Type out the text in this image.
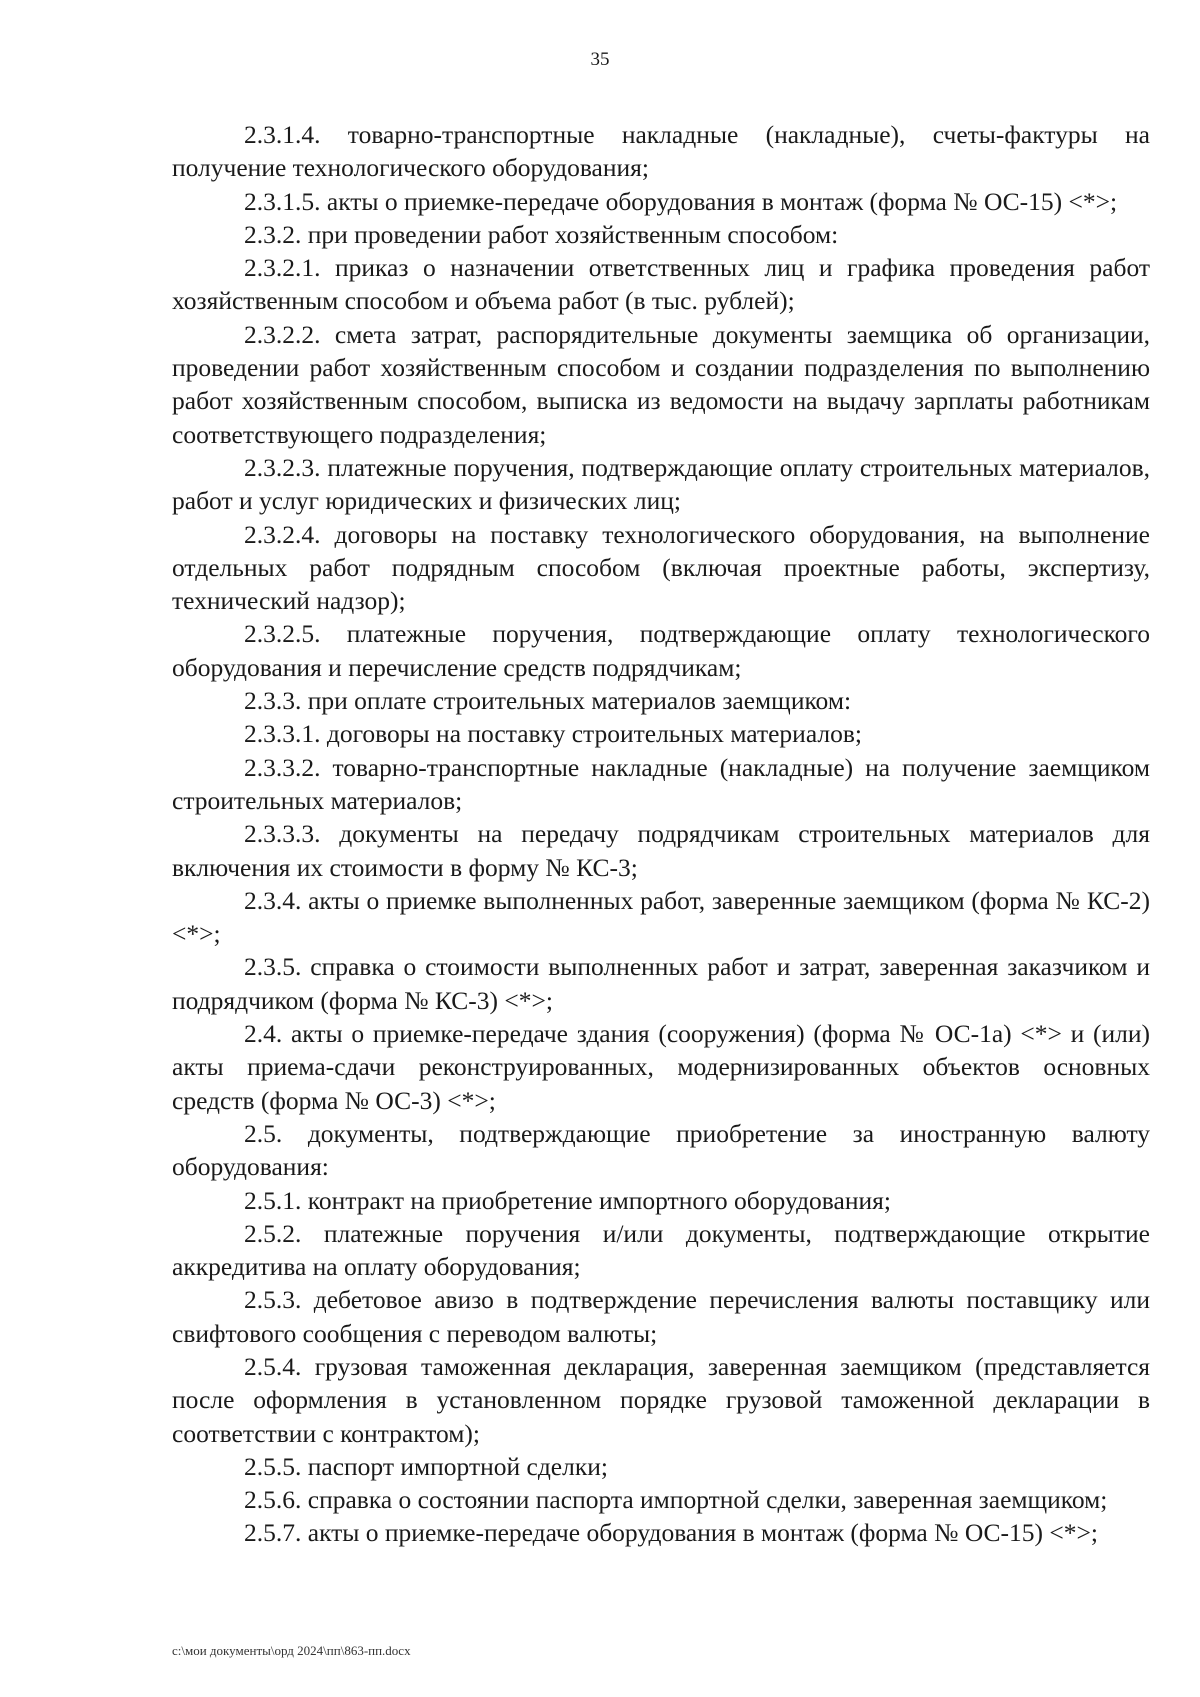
35

2.3.1.4. товарно-транспортные накладные (накладные), счеты-фактуры на получение технологического оборудования;

2.3.1.5. акты о приемке-передаче оборудования в монтаж (форма № ОС-15) <*>;

2.3.2. при проведении работ хозяйственным способом:

2.3.2.1. приказ о назначении ответственных лиц и графика проведения работ хозяйственным способом и объема работ (в тыс. рублей);

2.3.2.2. смета затрат, распорядительные документы заемщика об организации, проведении работ хозяйственным способом и создании подразделения по выполнению работ хозяйственным способом, выписка из ведомости на выдачу зарплаты работникам соответствующего подразделения;

2.3.2.3. платежные поручения, подтверждающие оплату строительных материалов, работ и услуг юридических и физических лиц;

2.3.2.4. договоры на поставку технологического оборудования, на выполнение отдельных работ подрядным способом (включая проектные работы, экспертизу, технический надзор);

2.3.2.5. платежные поручения, подтверждающие оплату технологического оборудования и перечисление средств подрядчикам;

2.3.3. при оплате строительных материалов заемщиком:

2.3.3.1. договоры на поставку строительных материалов;

2.3.3.2. товарно-транспортные накладные (накладные) на получение заемщиком строительных материалов;

2.3.3.3. документы на передачу подрядчикам строительных материалов для включения их стоимости в форму № КС-3;

2.3.4. акты о приемке выполненных работ, заверенные заемщиком (форма № КС-2) <*>;

2.3.5. справка о стоимости выполненных работ и затрат, заверенная заказчиком и подрядчиком (форма № КС-3) <*>;

2.4. акты о приемке-передаче здания (сооружения) (форма № ОС-1а) <*> и (или) акты приема-сдачи реконструированных, модернизированных объектов основных средств (форма № ОС-3) <*>;

2.5. документы, подтверждающие приобретение за иностранную валюту оборудования:

2.5.1. контракт на приобретение импортного оборудования;

2.5.2. платежные поручения и/или документы, подтверждающие открытие аккредитива на оплату оборудования;

2.5.3. дебетовое авизо в подтверждение перечисления валюты поставщику или свифтового сообщения с переводом валюты;

2.5.4. грузовая таможенная декларация, заверенная заемщиком (представляется после оформления в установленном порядке грузовой таможенной декларации в соответствии с контрактом);

2.5.5. паспорт импортной сделки;

2.5.6. справка о состоянии паспорта импортной сделки, заверенная заемщиком;

2.5.7. акты о приемке-передаче оборудования в монтаж (форма № ОС-15) <*>;

c:\мои документы\орд 2024\пп\863-пп.docx
